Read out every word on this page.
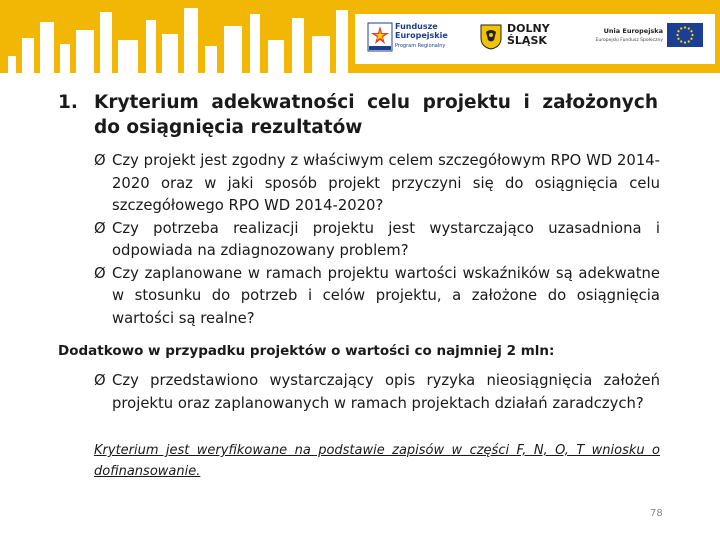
Fundusze
Europejskie
Program Regionalny
DOLNY
ŚLĄSK
Unia Europejska
Europejski Fundusz Społeczny
1. Kryterium adekwatności celu projektu i założonych do osiągnięcia rezultatów
Ø Czy projekt jest zgodny z właściwym celem szczegółowym RPO WD 2014-2020 oraz w jaki sposób projekt przyczyni się do osiągnięcia celu szczegółowego RPO WD 2014-2020?
Ø Czy potrzeba realizacji projektu jest wystarczająco uzasadniona i odpowiada na zdiagnozowany problem?
Ø Czy zaplanowane w ramach projektu wartości wskaźników są adekwatne w stosunku do potrzeb i celów projektu, a założone do osiągnięcia wartości są realne?
Dodatkowo w przypadku projektów o wartości co najmniej 2 mln:
Ø Czy przedstawiono wystarczający opis ryzyka nieosiągnięcia założeń projektu oraz zaplanowanych w ramach projektach działań zaradczych?
Kryterium jest weryfikowane na podstawie zapisów w części F, N, O, T wniosku o dofinansowanie.
78
